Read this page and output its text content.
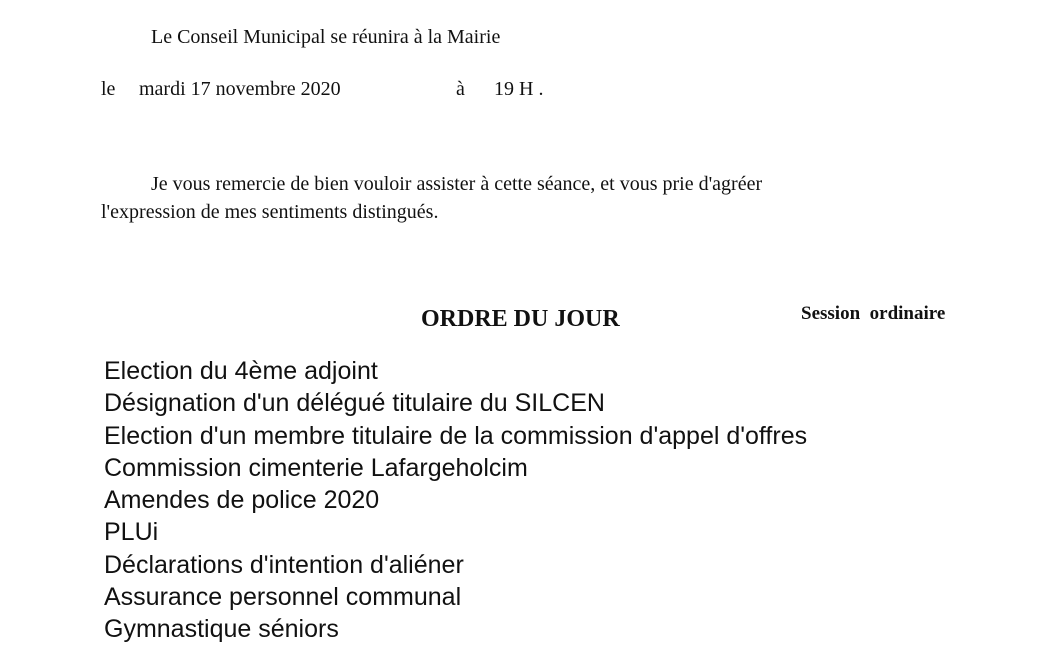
Le Conseil Municipal se réunira à la Mairie
le mardi 17 novembre 2020	à 19 H .
Je vous remercie de bien vouloir assister à cette séance, et vous prie d'agréer
l'expression de mes sentiments distingués.
ORDRE DU JOUR	Session  ordinaire
Election du 4ème adjoint
Désignation d'un délégué titulaire du SILCEN
Election d'un membre titulaire de la commission d'appel d'offres
Commission cimenterie Lafargeholcim
Amendes de police 2020
PLUi
Déclarations d'intention d'aliéner
Assurance personnel communal
Gymnastique séniors
